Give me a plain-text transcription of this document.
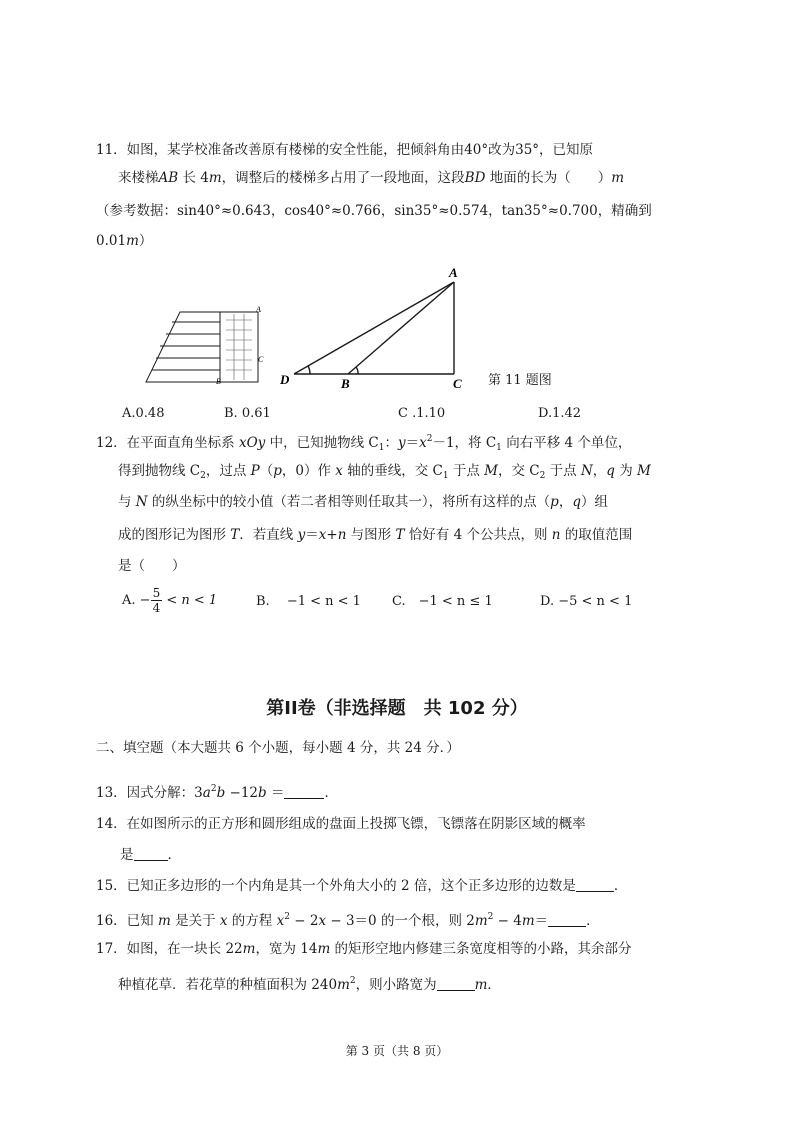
11．如图，某学校准备改善原有楼梯的安全性能，把倾斜角由40°改为35°，已知原
来楼梯AB 长 4m，调整后的楼梯多占用了一段地面，这段BD 地面的长为（　　）m
（参考数据：sin40°≈0.643，cos40°≈0.766，sin35°≈0.574，tan35°≈0.700，精确到
0.01m）
A
C
B
A
D	B	C 第 11 题图
A.0.48	B. 0.61	C .1.10	D.1.42
12．在平面直角坐标系 xOy 中，已知抛物线 $C_1$：$y=x^2-1$，将 $C_1$ 向右平移 4 个单位，
得到抛物线 $C_2$，过点 P（p，0）作 x 轴的垂线，交 $C_1$ 于点 M，交 $C_2$ 于点 N，q 为 M
与 N 的纵坐标中的较小值（若二者相等则任取其一），将所有这样的点（p，q）组
成的图形记为图形 T．若直线 y＝x+n 与图形 T 恰好有 4 个公共点，则 n 的取值范围
是（　　）
A. − $\frac{5}{4} < n < 1$	B.　 −1 < n < 1 C.　−1 < n ≤ 1	D. −5 < n < 1
第II卷（非选择题　共 102 分）
二、填空题（本大题共 6 个小题，每小题 4 分，共 24 分．）
13．因式分解：$3a^2b -12b$ ＝	．
14．在如图所示的正方形和圆形组成的盘面上投掷飞镖，飞镖落在阴影区域的概率
是	．
15．已知正多边形的一个内角是其一个外角大小的 2 倍，这个正多边形的边数是	．
16．已知 m 是关于 x 的方程 $x^2 - 2x - 3=0$ 的一个根，则 $2m^2 - 4m=$	．
17．如图，在一块长 22m，宽为 14m 的矩形空地内修建三条宽度相等的小路，其余部分
种植花草．若花草的种植面积为 $240m^2$，则小路宽为	m．
第 3 页（共 8 页）
